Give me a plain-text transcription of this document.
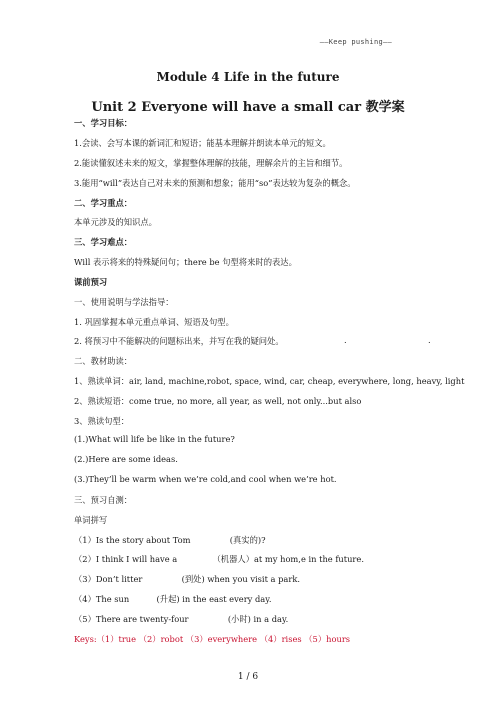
——Keep pushing——
Module 4 Life in the future
Unit 2 Everyone will have a small car 教学案
一、学习目标：
1.会读、会写本课的新词汇和短语；能基本理解并朗读本单元的短文。
2.能读懂叙述未来的短文，掌握整体理解的技能，理解余片的主旨和细节。
3.能用“will”表达自己对未来的预测和想象；能用“so”表达较为复杂的概念。
二、学习重点：
本单元涉及的知识点。
三、学习难点：
Will 表示将来的特殊疑问句；there be 句型将来时的表达。
课前预习
一、使用说明与学法指导：
1. 巩固掌握本单元重点单词、短语及句型。
2. 将预习中不能解决的问题标出来，并写在我的疑问处。	.	.
二、教材助读：
1、熟读单词：air, land, machine,robot, space, wind, car, cheap, everywhere, long, heavy, light
2、熟读短语：come true, no more, all year, as well, not only...but also
3、熟读句型：
(1.)What will life be like in the future?
(2.)Here are some ideas.
(3.)They’ll be warm when we’re cold,and cool when we’re hot.
三、预习自测：
单词拼写
（1）Is the story about Tom	(真实的)?
（2）I think I will have a	（机器人）at my hom,e in the future.
（3）Don’t litter	(到处) when you visit a park.
（4）The sun	(升起) in the east every day.
（5）There are twenty-four	(小时) in a day.
Keys:（1）true （2）robot （3）everywhere （4）rises （5）hours
1 / 6
